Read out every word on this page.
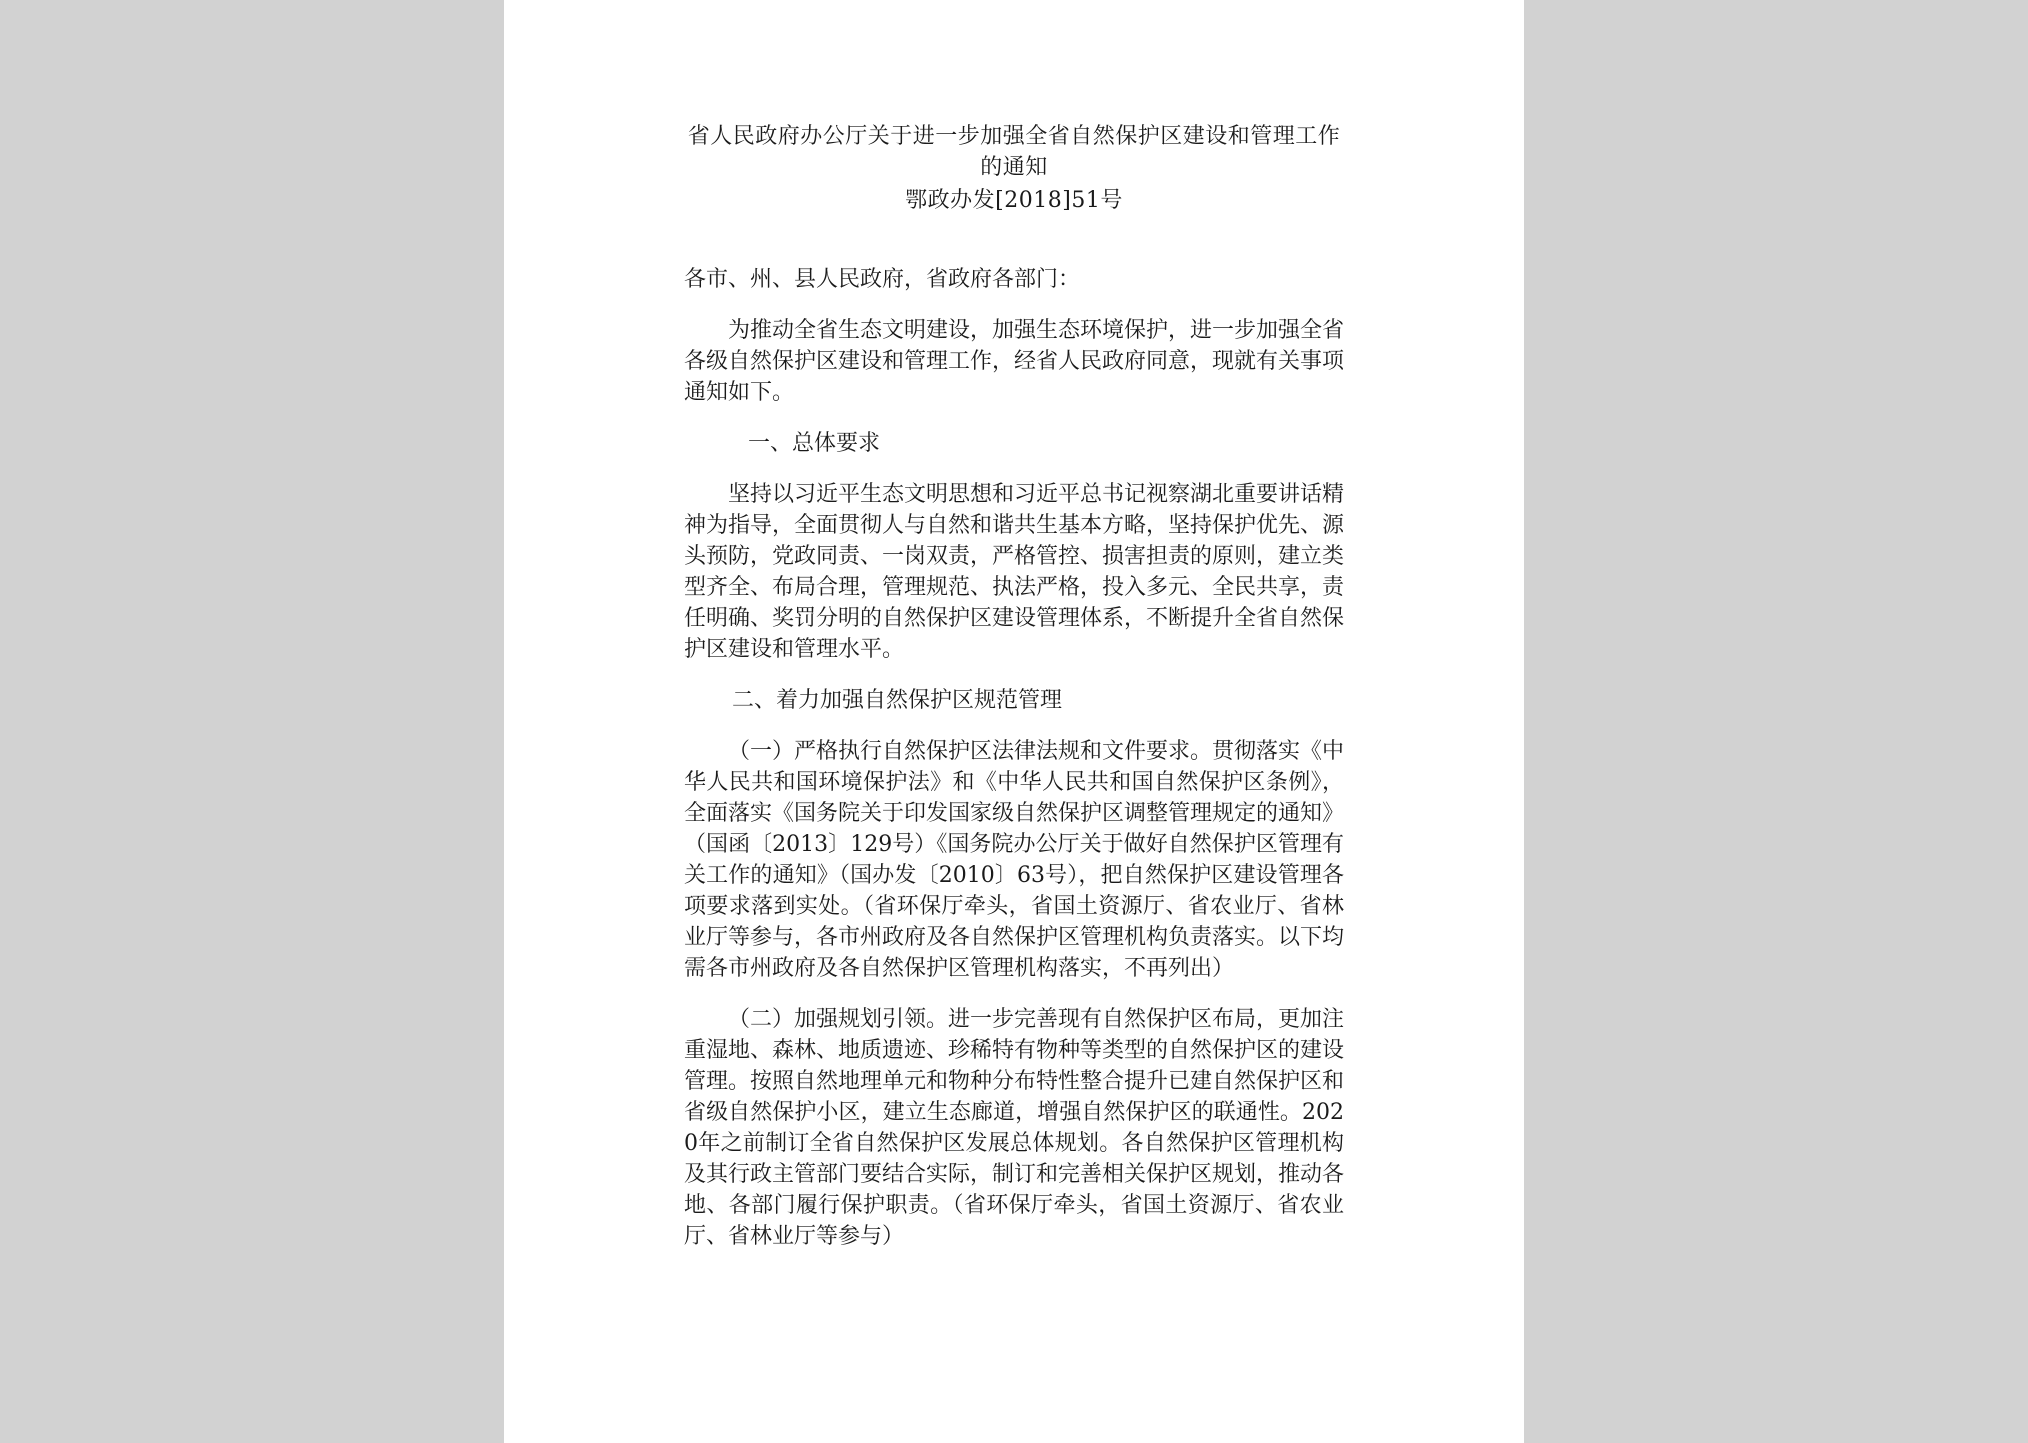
省人民政府办公厅关于进一步加强全省自然保护区建设和管理工作

的通知

鄂政办发[2018]51号

各市、州、县人民政府，省政府各部门：

为推动全省生态文明建设，加强生态环境保护，进一步加强全省各级自然保护区建设和管理工作，经省人民政府同意，现就有关事项通知如下。

一、总体要求

坚持以习近平生态文明思想和习近平总书记视察湖北重要讲话精神为指导，全面贯彻人与自然和谐共生基本方略，坚持保护优先、源头预防，党政同责、一岗双责，严格管控、损害担责的原则，建立类型齐全、布局合理，管理规范、执法严格，投入多元、全民共享，责任明确、奖罚分明的自然保护区建设管理体系，不断提升全省自然保护区建设和管理水平。

二、着力加强自然保护区规范管理

（一）严格执行自然保护区法律法规和文件要求。贯彻落实《中华人民共和国环境保护法》和《中华人民共和国自然保护区条例》，全面落实《国务院关于印发国家级自然保护区调整管理规定的通知》（国函〔2013〕129号）《国务院办公厅关于做好自然保护区管理有关工作的通知》（国办发〔2010〕63号），把自然保护区建设管理各项要求落到实处。（省环保厅牵头，省国土资源厅、省农业厅、省林业厅等参与，各市州政府及各自然保护区管理机构负责落实。以下均需各市州政府及各自然保护区管理机构落实，不再列出）

（二）加强规划引领。进一步完善现有自然保护区布局，更加注重湿地、森林、地质遗迹、珍稀特有物种等类型的自然保护区的建设管理。按照自然地理单元和物种分布特性整合提升已建自然保护区和省级自然保护小区，建立生态廊道，增强自然保护区的联通性。2020年之前制订全省自然保护区发展总体规划。各自然保护区管理机构及其行政主管部门要结合实际，制订和完善相关保护区规划，推动各地、各部门履行保护职责。（省环保厅牵头，省国土资源厅、省农业厅、省林业厅等参与）
